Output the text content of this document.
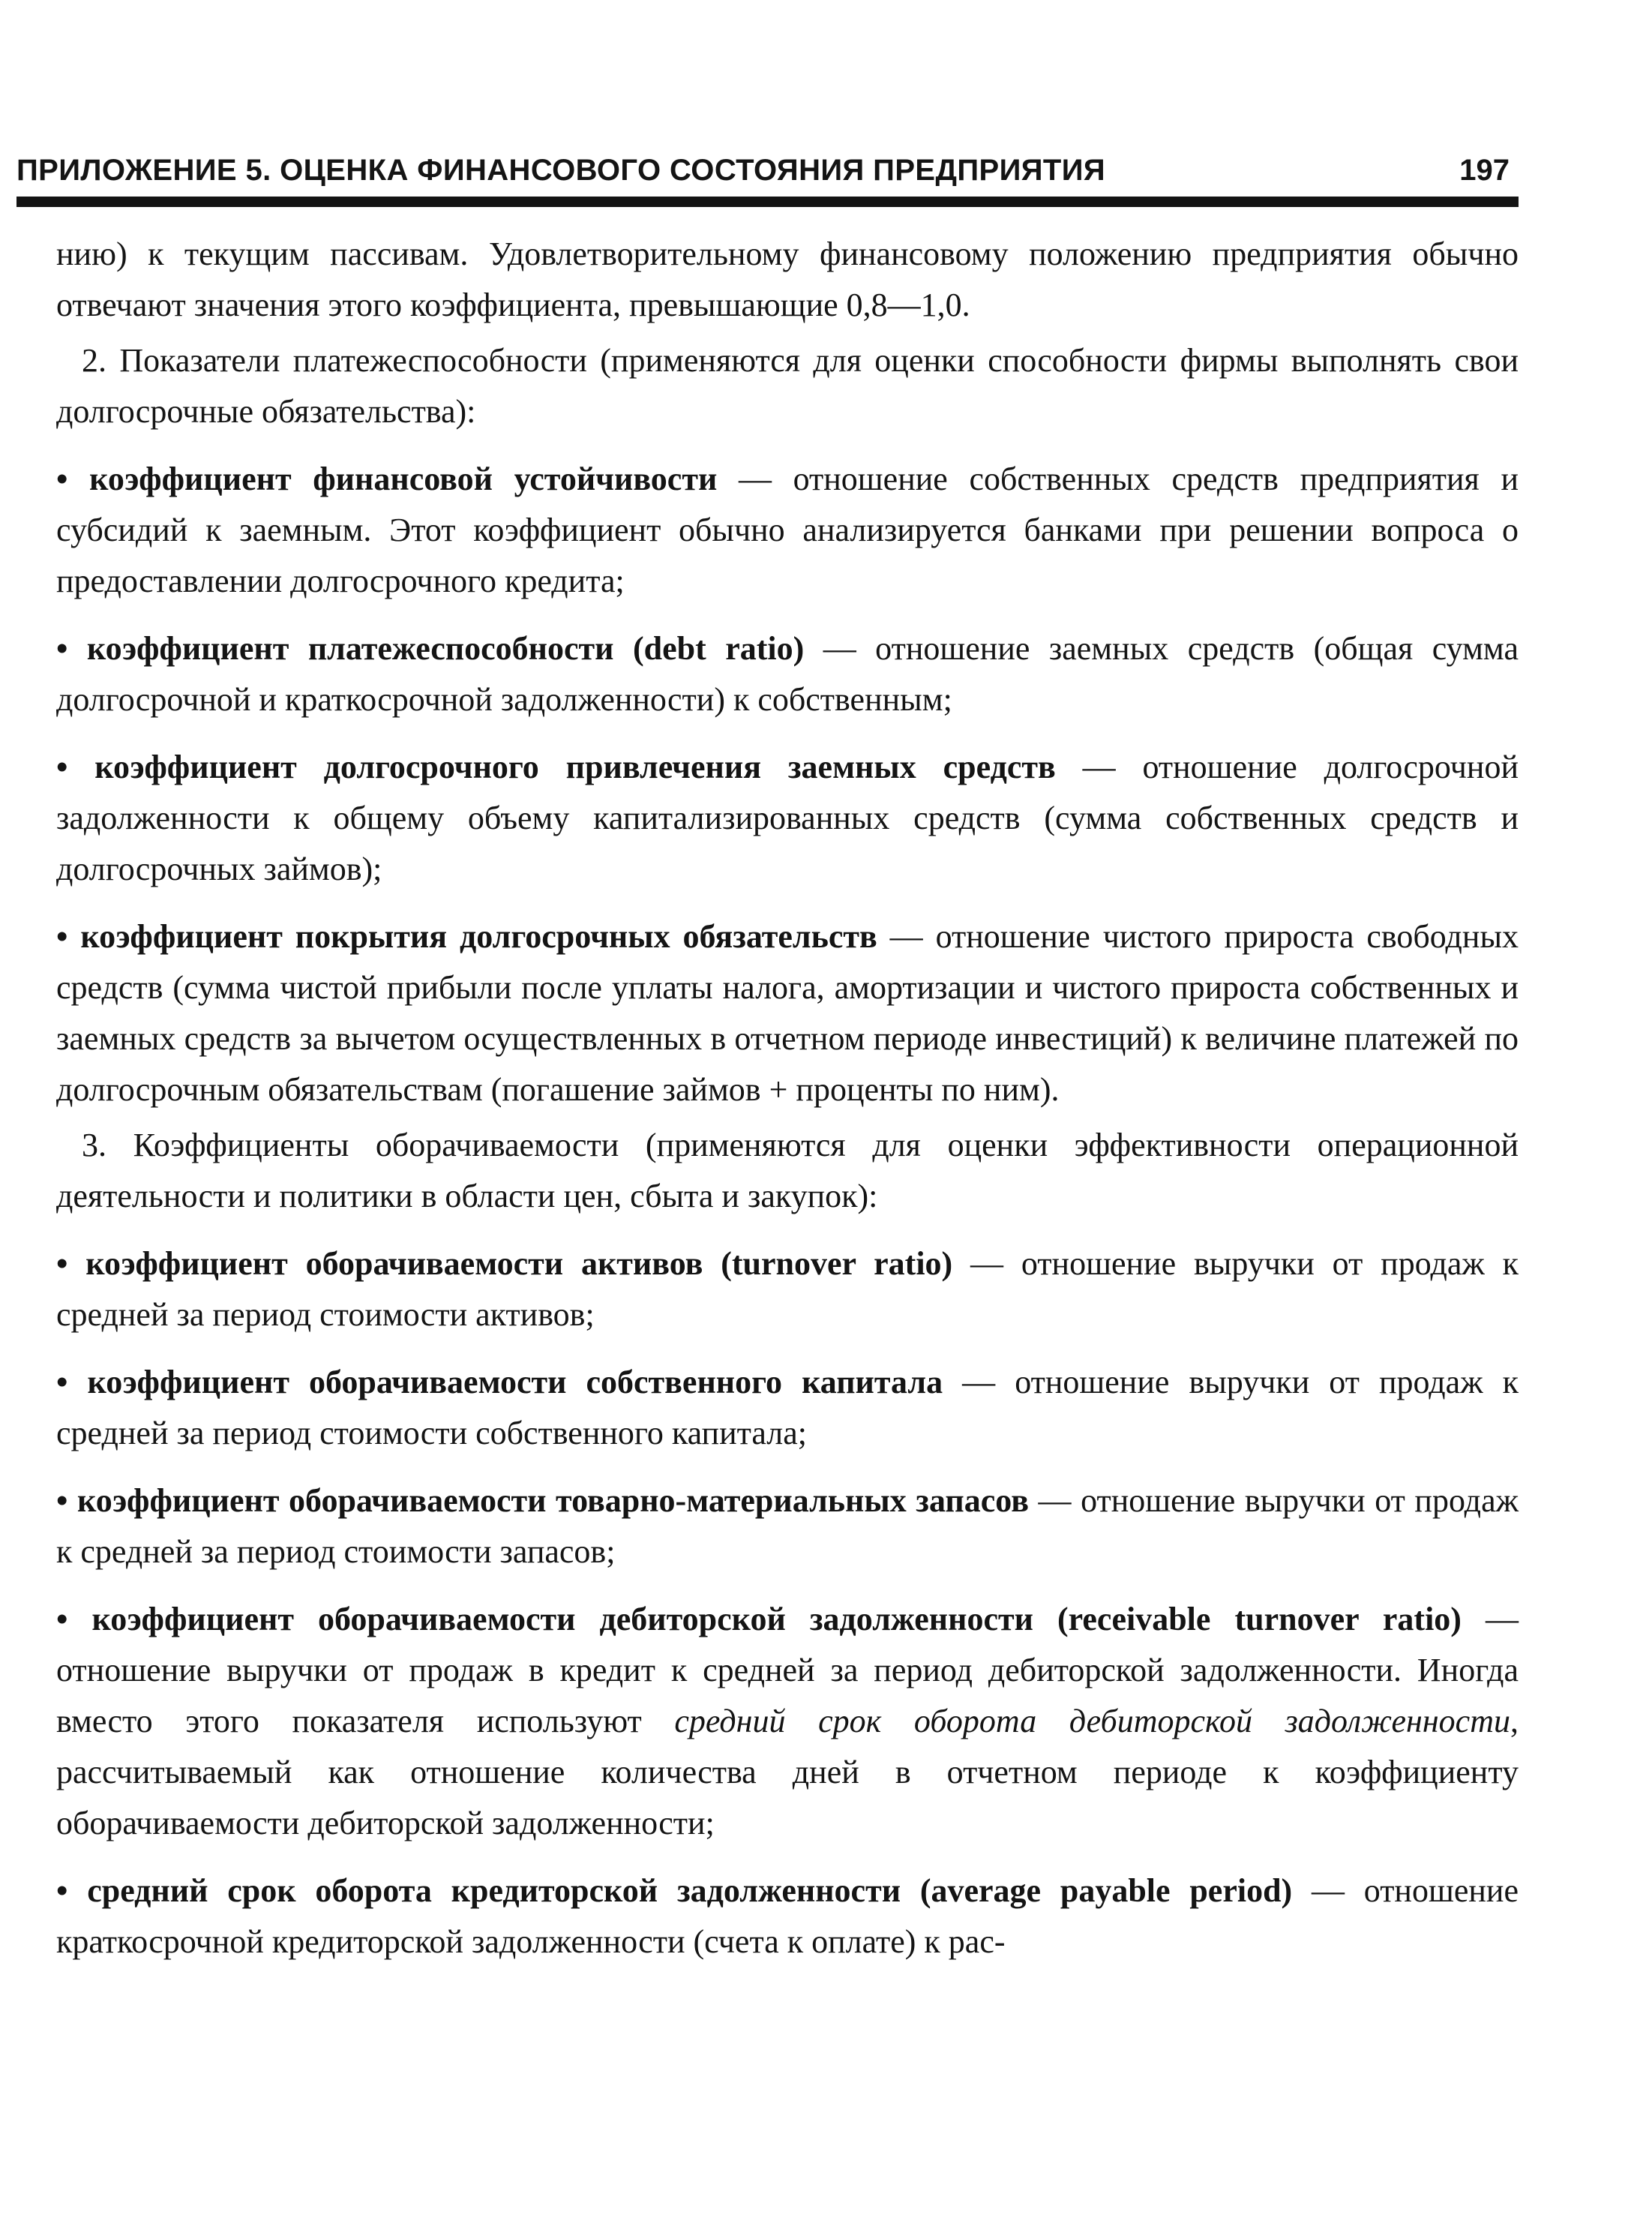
ПРИЛОЖЕНИЕ 5. ОЦЕНКА ФИНАНСОВОГО СОСТОЯНИЯ ПРЕДПРИЯТИЯ	197

нию) к текущим пассивам. Удовлетворительному финансовому положению предприятия обычно отвечают значения этого коэффициента, превышающие 0,8—1,0.

2. Показатели платежеспособности (применяются для оценки способности фирмы выполнять свои долгосрочные обязательства):

• коэффициент финансовой устойчивости — отношение собственных средств предприятия и субсидий к заемным. Этот коэффициент обычно анализируется банками при решении вопроса о предоставлении долгосрочного кредита;

• коэффициент платежеспособности (debt ratio) — отношение заемных средств (общая сумма долгосрочной и краткосрочной задолженности) к собственным;

• коэффициент долгосрочного привлечения заемных средств — отношение долгосрочной задолженности к общему объему капитализированных средств (сумма собственных средств и долгосрочных займов);

• коэффициент покрытия долгосрочных обязательств — отношение чистого прироста свободных средств (сумма чистой прибыли после уплаты налога, амортизации и чистого прироста собственных и заемных средств за вычетом осуществленных в отчетном периоде инвестиций) к величине платежей по долгосрочным обязательствам (погашение займов + проценты по ним).

3. Коэффициенты оборачиваемости (применяются для оценки эффективности операционной деятельности и политики в области цен, сбыта и закупок):

• коэффициент оборачиваемости активов (turnover ratio) — отношение выручки от продаж к средней за период стоимости активов;

• коэффициент оборачиваемости собственного капитала — отношение выручки от продаж к средней за период стоимости собственного капитала;

• коэффициент оборачиваемости товарно-материальных запасов — отношение выручки от продаж к средней за период стоимости запасов;

• коэффициент оборачиваемости дебиторской задолженности (receivable turnover ratio) — отношение выручки от продаж в кредит к средней за период дебиторской задолженности. Иногда вместо этого показателя используют средний срок оборота дебиторской задолженности, рассчитываемый как отношение количества дней в отчетном периоде к коэффициенту оборачиваемости дебиторской задолженности;

• средний срок оборота кредиторской задолженности (average payable period) — отношение краткосрочной кредиторской задолженности (счета к оплате) к рас-
